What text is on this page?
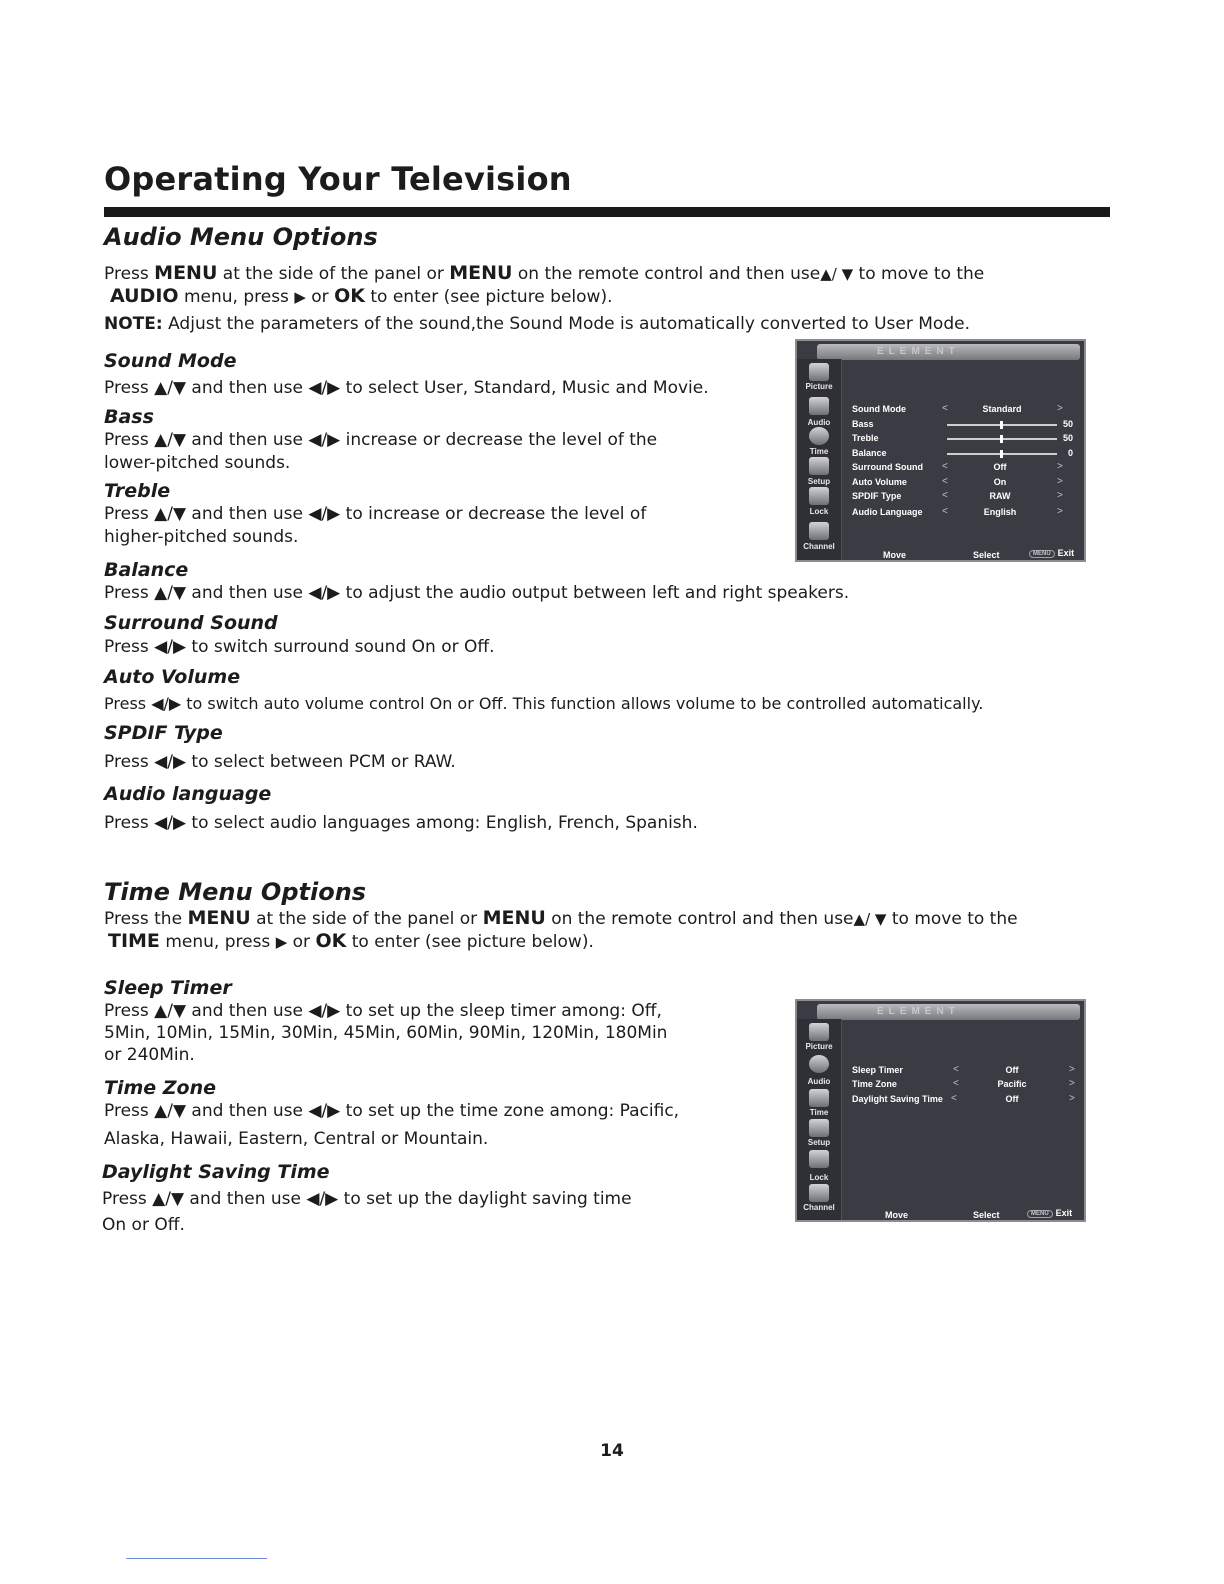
Operating Your Television
Audio Menu Options
Press MENU at the side of the panel or MENU on the remote control and then use▲/ ▼ to move to the
AUDIO menu, press ▶ or OK to enter (see picture below).
NOTE: Adjust the parameters of the sound,the Sound Mode is automatically converted to User Mode.
Sound Mode
Press ▲/▼ and then use ◀/▶ to select User, Standard, Music and Movie.
Bass
Press ▲/▼ and then use ◀/▶ increase or decrease the level of the
lower-pitched sounds.
Treble
Press ▲/▼ and then use ◀/▶ to increase or decrease the level of
higher-pitched sounds.
Balance
Press ▲/▼ and then use ◀/▶ to adjust the audio output between left and right speakers.
Surround Sound
Press ◀/▶ to switch surround sound On or Off.
Auto Volume
Press ◀/▶ to switch auto volume control On or Off. This function allows volume to be controlled automatically.
SPDIF Type
Press ◀/▶ to select between PCM or RAW.
Audio language
Press ◀/▶ to select audio languages among: English, French, Spanish.
ELEMENT
Picture
Audio
Time
Setup
Lock
Channel
Sound Mode	<	Standard	>
Bass	50
Treble	50
Balance	0
Surround Sound <	Off	>
Auto Volume	<	On	>
SPDIF Type	<	RAW	>
Audio Language <	English	>
Move	Select	MENU Exit
Time Menu Options
Press the MENU at the side of the panel or MENU on the remote control and then use▲/ ▼ to move to the
TIME menu, press ▶ or OK to enter (see picture below).
Sleep Timer
Press ▲/▼ and then use ◀/▶ to set up the sleep timer among: Off,
5Min, 10Min, 15Min, 30Min, 45Min, 60Min, 90Min, 120Min, 180Min
or 240Min.
Time Zone
Press ▲/▼ and then use ◀/▶ to set up the time zone among: Pacific,
Alaska, Hawaii, Eastern, Central or Mountain.
Daylight Saving Time
Press ▲/▼ and then use ◀/▶ to set up the daylight saving time
On or Off.
ELEMENT
Picture
Audio
Time
Setup
Lock
Channel
Sleep Timer	<	Off	>
Time Zone	<	Pacific	>
Daylight Saving Time <	Off	>
Move	Select	MENU Exit
14
